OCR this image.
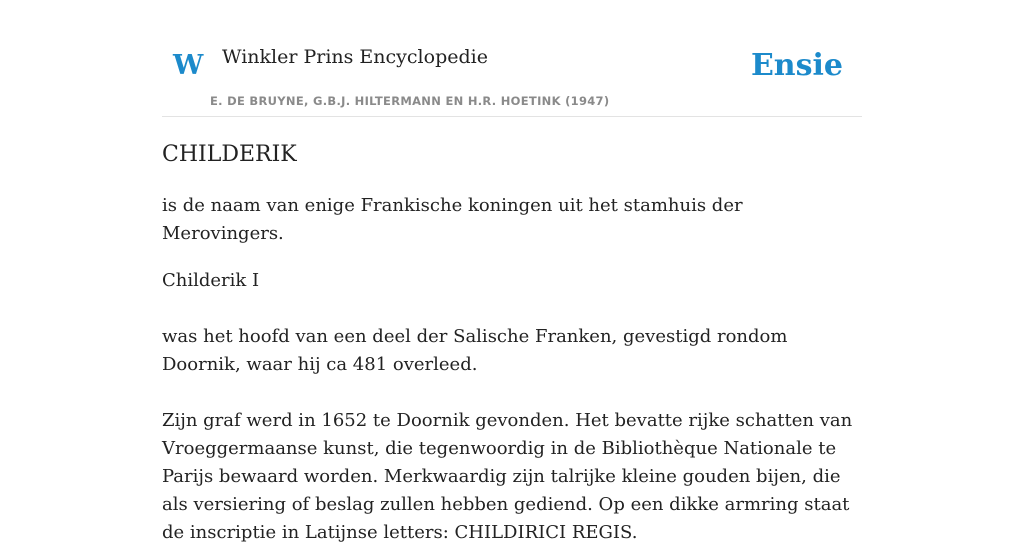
W Winkler Prins Encyclopedie
E. DE BRUYNE, G.B.J. HILTERMANN EN H.R. HOETINK (1947)
Ensie
CHILDERIK

is de naam van enige Frankische koningen uit het stamhuis der Merovingers.

Childerik I

was het hoofd van een deel der Salische Franken, gevestigd rondom Doornik, waar hij ca 481 overleed.

Zijn graf werd in 1652 te Doornik gevonden. Het bevatte rijke schatten van Vroeggermaanse kunst, die tegenwoordig in de Bibliothèque Nationale te Parijs bewaard worden. Merkwaardig zijn talrijke kleine gouden bijen, die als versiering of beslag zullen hebben gediend. Op een dikke armring staat de inscriptie in Latijnse letters: CHILDIRICI REGIS.
